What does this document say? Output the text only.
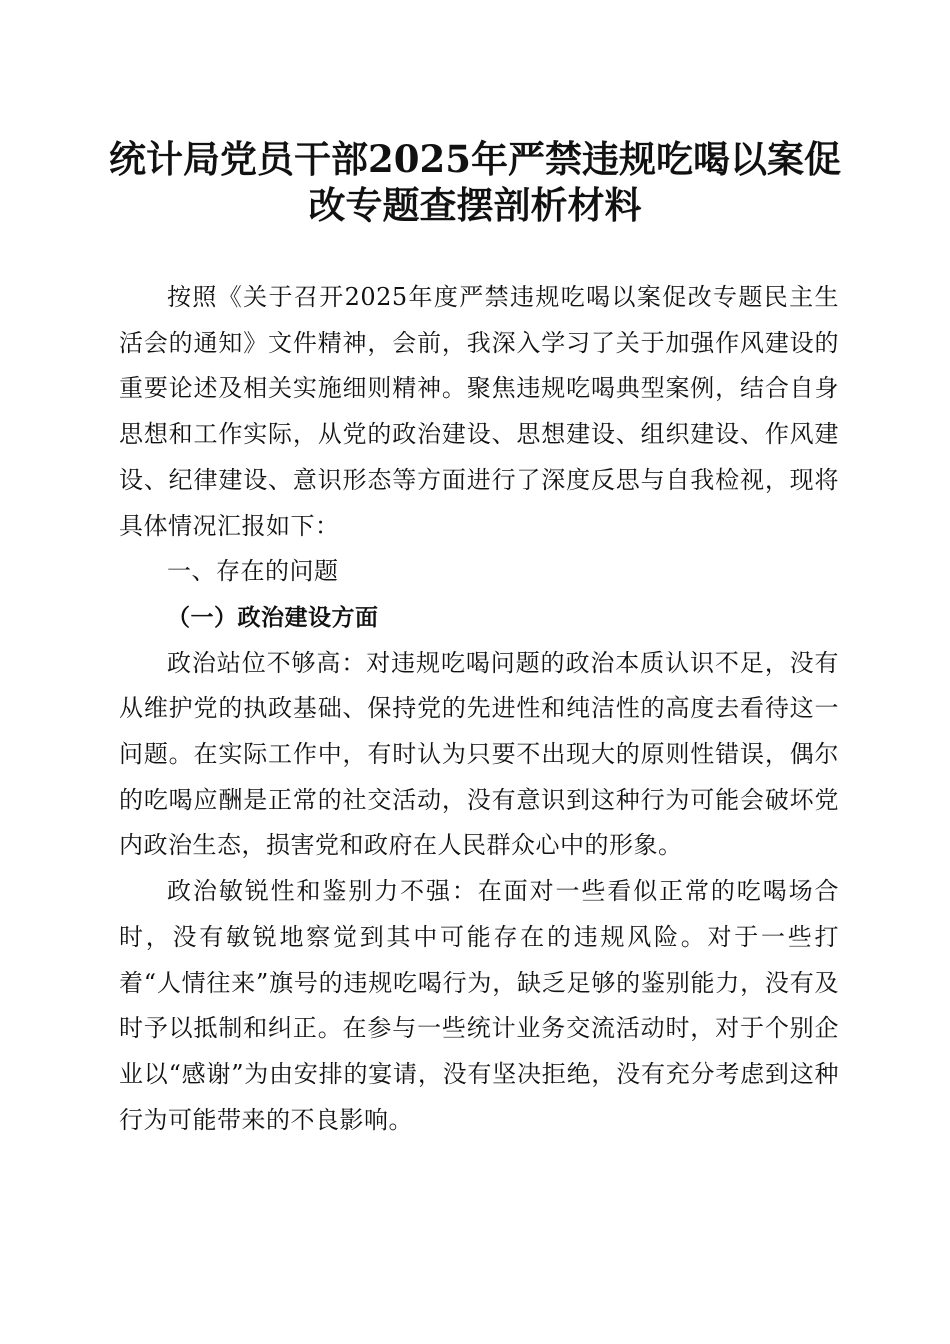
统计局党员干部2025年严禁违规吃喝以案促
改专题查摆剖析材料

按照《关于召开2025年度严禁违规吃喝以案促改专题民主生活会的通知》文件精神，会前，我深入学习了关于加强作风建设的重要论述及相关实施细则精神。聚焦违规吃喝典型案例，结合自身思想和工作实际，从党的政治建设、思想建设、组织建设、作风建设、纪律建设、意识形态等方面进行了深度反思与自我检视，现将具体情况汇报如下：

一、存在的问题

（一）政治建设方面

政治站位不够高：对违规吃喝问题的政治本质认识不足，没有从维护党的执政基础、保持党的先进性和纯洁性的高度去看待这一问题。在实际工作中，有时认为只要不出现大的原则性错误，偶尔的吃喝应酬是正常的社交活动，没有意识到这种行为可能会破坏党内政治生态，损害党和政府在人民群众心中的形象。

政治敏锐性和鉴别力不强：在面对一些看似正常的吃喝场合时，没有敏锐地察觉到其中可能存在的违规风险。对于一些打着“人情往来”旗号的违规吃喝行为，缺乏足够的鉴别能力，没有及时予以抵制和纠正。在参与一些统计业务交流活动时，对于个别企业以“感谢”为由安排的宴请，没有坚决拒绝，没有充分考虑到这种行为可能带来的不良影响。
